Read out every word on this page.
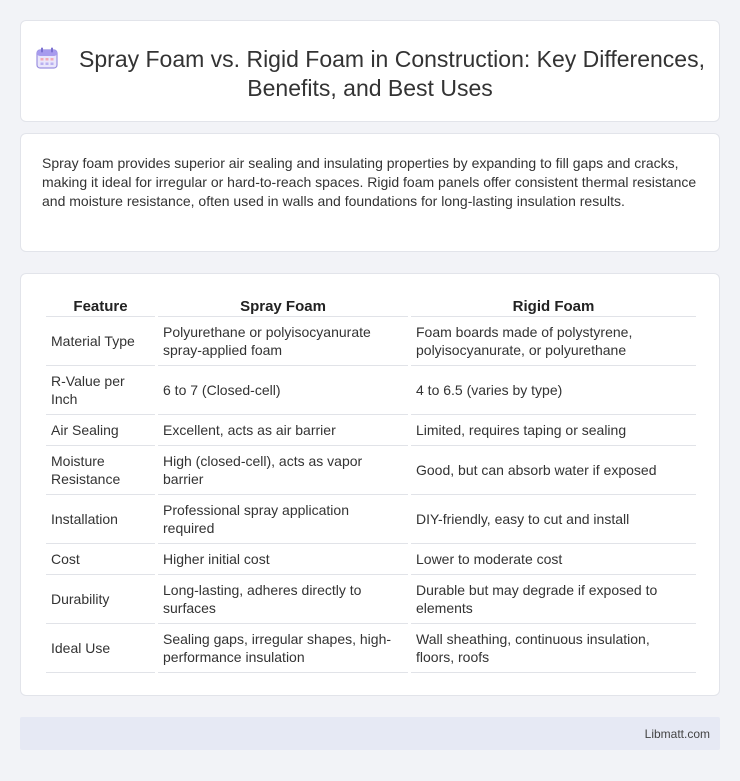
Spray Foam vs. Rigid Foam in Construction: Key Differences, Benefits, and Best Uses

Spray foam provides superior air sealing and insulating properties by expanding to fill gaps and cracks, making it ideal for irregular or hard-to-reach spaces. Rigid foam panels offer consistent thermal resistance and moisture resistance, often used in walls and foundations for long-lasting insulation results.

Feature	Spray Foam	Rigid Foam
Material Type	Polyurethane or polyisocyanurate spray-applied foam	Foam boards made of polystyrene, polyisocyanurate, or polyurethane
R-Value per Inch	6 to 7 (Closed-cell)	4 to 6.5 (varies by type)
Air Sealing	Excellent, acts as air barrier	Limited, requires taping or sealing
Moisture Resistance	High (closed-cell), acts as vapor barrier	Good, but can absorb water if exposed
Installation	Professional spray application required	DIY-friendly, easy to cut and install
Cost	Higher initial cost	Lower to moderate cost
Durability	Long-lasting, adheres directly to surfaces	Durable but may degrade if exposed to elements
Ideal Use	Sealing gaps, irregular shapes, high-performance insulation	Wall sheathing, continuous insulation, floors, roofs
Libmatt.com
